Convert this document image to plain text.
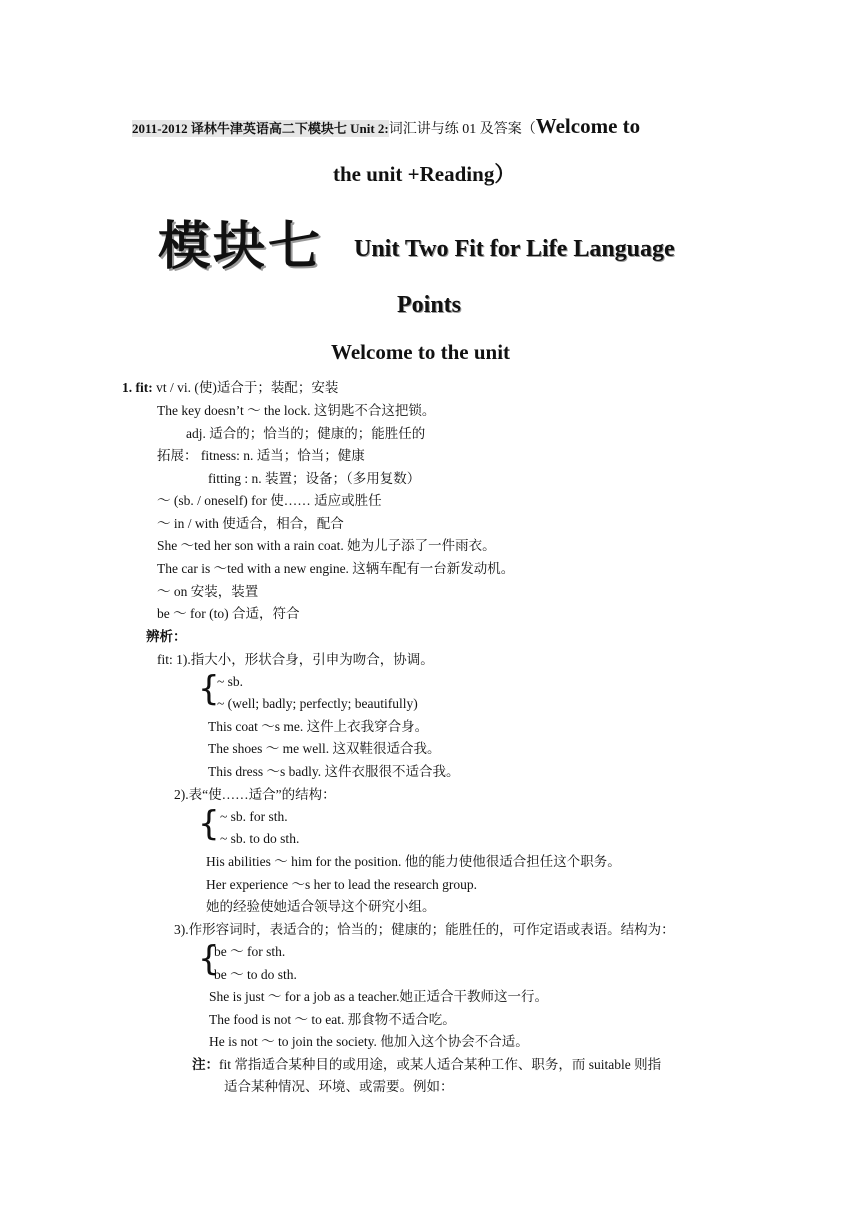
2011-2012 译林牛津英语高二下模块七 Unit 2:词汇讲与练 01 及答案（Welcome to
the unit +Reading）
模块七 Unit Two Fit for Life Language
Points
Welcome to the unit
1. fit: vt / vi. (使)适合于；装配；安装
The key doesn’t ～ the lock. 这钥匙不合这把锁。
adj. 适合的；恰当的；健康的；能胜任的
拓展： fitness: n. 适当；恰当；健康
fitting : n. 装置；设备；（多用复数）
～ (sb. / oneself) for 使…… 适应或胜任
～ in / with 使适合，相合，配合
She ～ted her son with a rain coat. 她为儿子添了一件雨衣。
The car is ～ted with a new engine. 这辆车配有一台新发动机。
～ on 安装，装置
be ～ for (to) 合适，符合
辨析：
fit: 1).指大小，形状合身，引申为吻合，协调。
{
~ sb.
~ (well; badly; perfectly; beautifully)
This coat ～s me. 这件上衣我穿合身。
The shoes ～ me well. 这双鞋很适合我。
This dress ～s badly. 这件衣服很不适合我。
2).表“使……适合”的结构：
{ ~ sb. for sth.
~ sb. to do sth.
His abilities ～ him for the position. 他的能力使他很适合担任这个职务。
Her experience ～s her to lead the research group.
她的经验使她适合领导这个研究小组。
3).作形容词时，表适合的；恰当的；健康的；能胜任的，可作定语或表语。结构为：
{
be ～ for sth.
be ～ to do sth.
She is just ～ for a job as a teacher.她正适合干教师这一行。
The food is not ～ to eat. 那食物不适合吃。
He is not ～ to join the society. 他加入这个协会不合适。
注：fit 常指适合某种目的或用途，或某人适合某种工作、职务，而 suitable 则指
适合某种情况、环境、或需要。例如：
